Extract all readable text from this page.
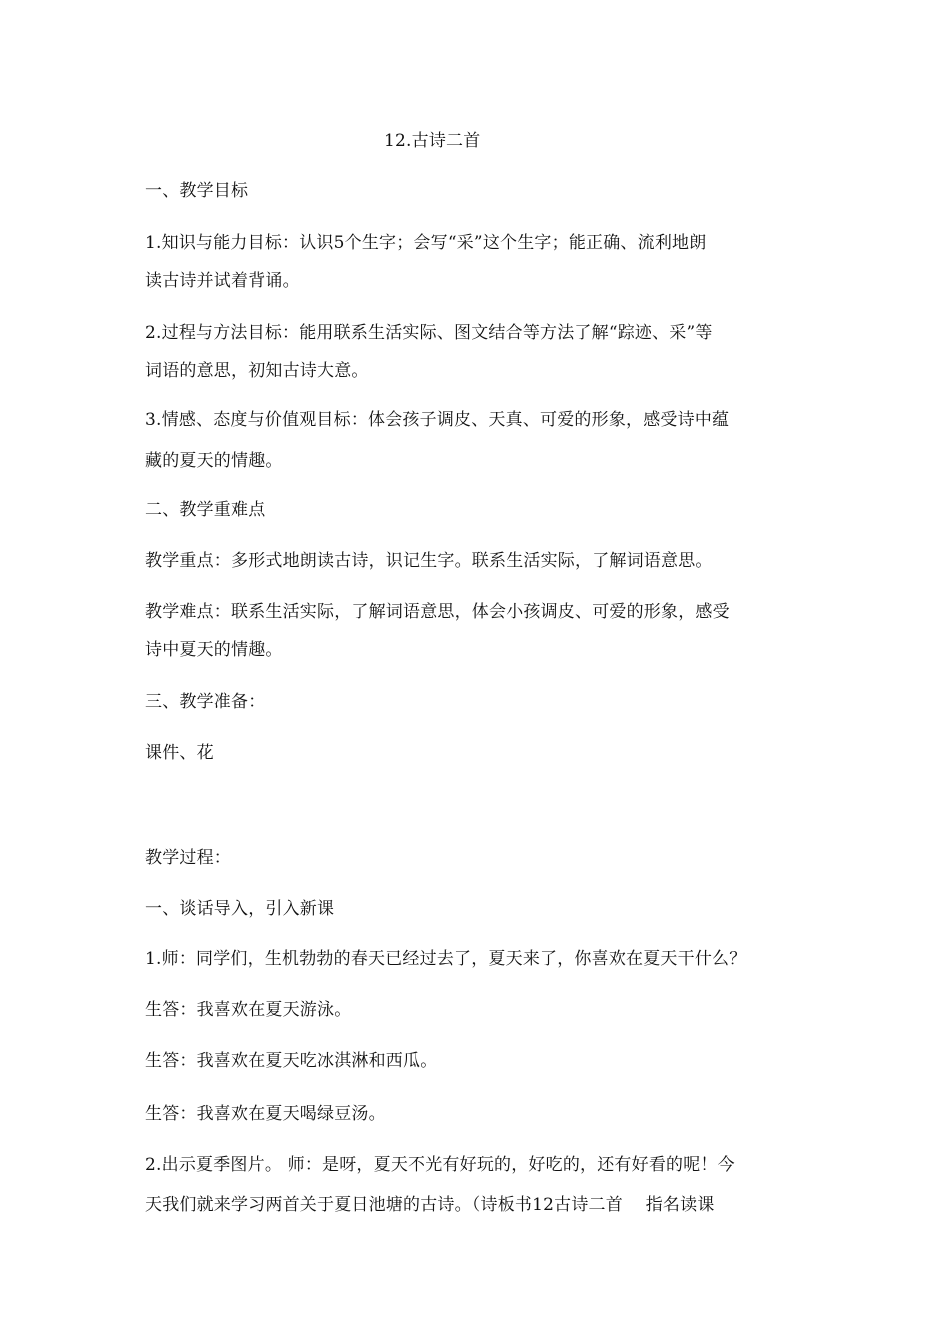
12.古诗二首
一、教学目标
1.知识与能力目标：认识5个生字；会写“采”这个生字；能正确、流利地朗
读古诗并试着背诵。
2.过程与方法目标：能用联系生活实际、图文结合等方法了解“踪迹、采”等
词语的意思，初知古诗大意。
3.情感、态度与价值观目标：体会孩子调皮、天真、可爱的形象，感受诗中蕴
藏的夏天的情趣。
二、教学重难点
教学重点：多形式地朗读古诗，识记生字。联系生活实际，了解词语意思。
教学难点：联系生活实际，了解词语意思，体会小孩调皮、可爱的形象，感受
诗中夏天的情趣。
三、教学准备：
课件、花
教学过程：
一、谈话导入，引入新课
1.师：同学们，生机勃勃的春天已经过去了，夏天来了，你喜欢在夏天干什么？
生答：我喜欢在夏天游泳。
生答：我喜欢在夏天吃冰淇淋和西瓜。
生答：我喜欢在夏天喝绿豆汤。
2.出示夏季图片。 师：是呀，夏天不光有好玩的，好吃的，还有好看的呢！今
天我们就来学习两首关于夏日池塘的古诗。（诗板书12古诗二首　 指名读课
